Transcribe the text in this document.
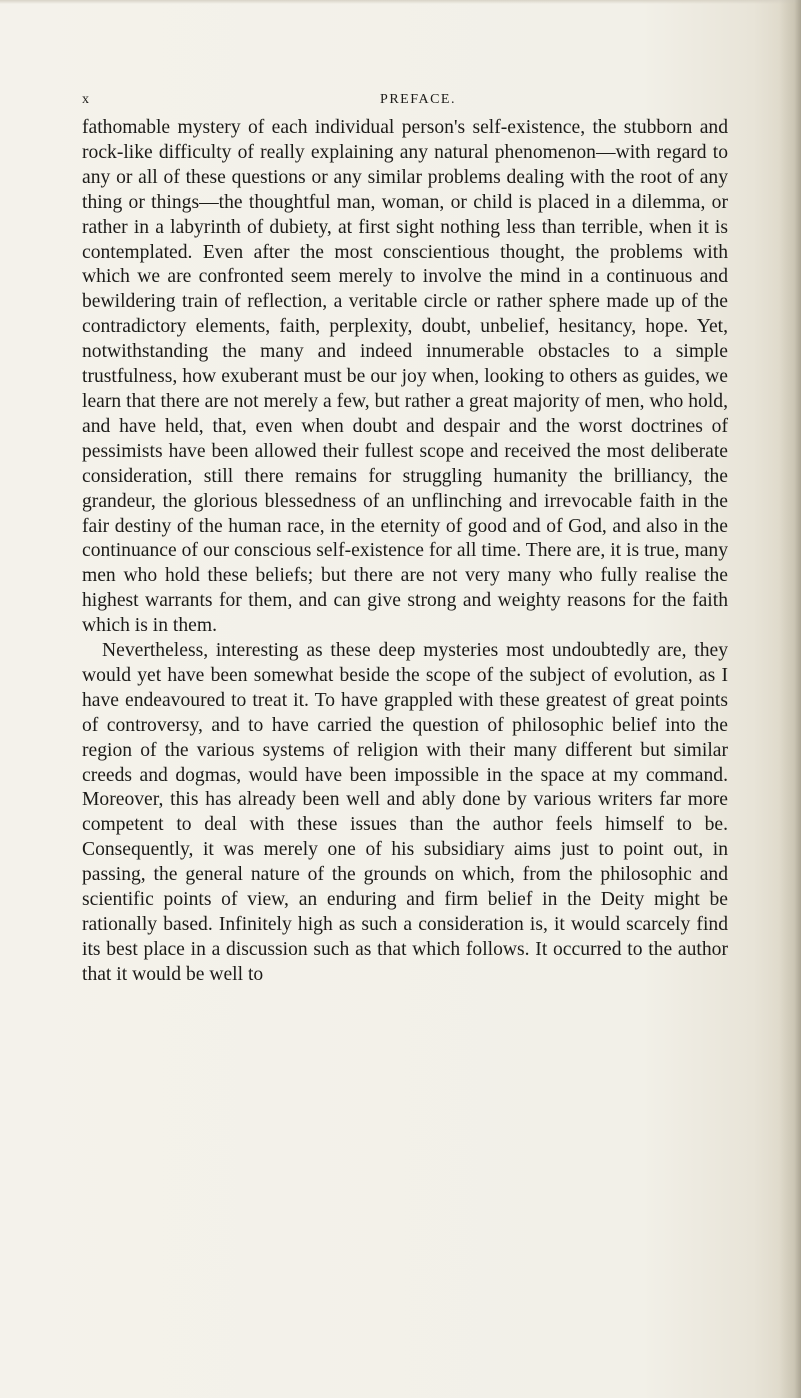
x	PREFACE.

fathomable mystery of each individual person's self-existence, the stubborn and rock-like difficulty of really explaining any natural phenomenon—with regard to any or all of these questions or any similar problems dealing with the root of any thing or things—the thoughtful man, woman, or child is placed in a dilemma, or rather in a labyrinth of dubiety, at first sight nothing less than terrible, when it is contemplated. Even after the most conscientious thought, the problems with which we are confronted seem merely to involve the mind in a continuous and bewildering train of reflection, a veritable circle or rather sphere made up of the contradictory elements, faith, perplexity, doubt, unbelief, hesitancy, hope. Yet, notwithstanding the many and indeed innumerable obstacles to a simple trustfulness, how exuberant must be our joy when, looking to others as guides, we learn that there are not merely a few, but rather a great majority of men, who hold, and have held, that, even when doubt and despair and the worst doctrines of pessimists have been allowed their fullest scope and received the most deliberate consideration, still there remains for struggling humanity the brilliancy, the grandeur, the glorious blessedness of an unflinching and irrevocable faith in the fair destiny of the human race, in the eternity of good and of God, and also in the continuance of our conscious self-existence for all time. There are, it is true, many men who hold these beliefs; but there are not very many who fully realise the highest warrants for them, and can give strong and weighty reasons for the faith which is in them.

Nevertheless, interesting as these deep mysteries most undoubtedly are, they would yet have been somewhat beside the scope of the subject of evolution, as I have endeavoured to treat it. To have grappled with these greatest of great points of controversy, and to have carried the question of philosophic belief into the region of the various systems of religion with their many different but similar creeds and dogmas, would have been impossible in the space at my command. Moreover, this has already been well and ably done by various writers far more competent to deal with these issues than the author feels himself to be. Consequently, it was merely one of his subsidiary aims just to point out, in passing, the general nature of the grounds on which, from the philosophic and scientific points of view, an enduring and firm belief in the Deity might be rationally based. Infinitely high as such a consideration is, it would scarcely find its best place in a discussion such as that which follows. It occurred to the author that it would be well to
